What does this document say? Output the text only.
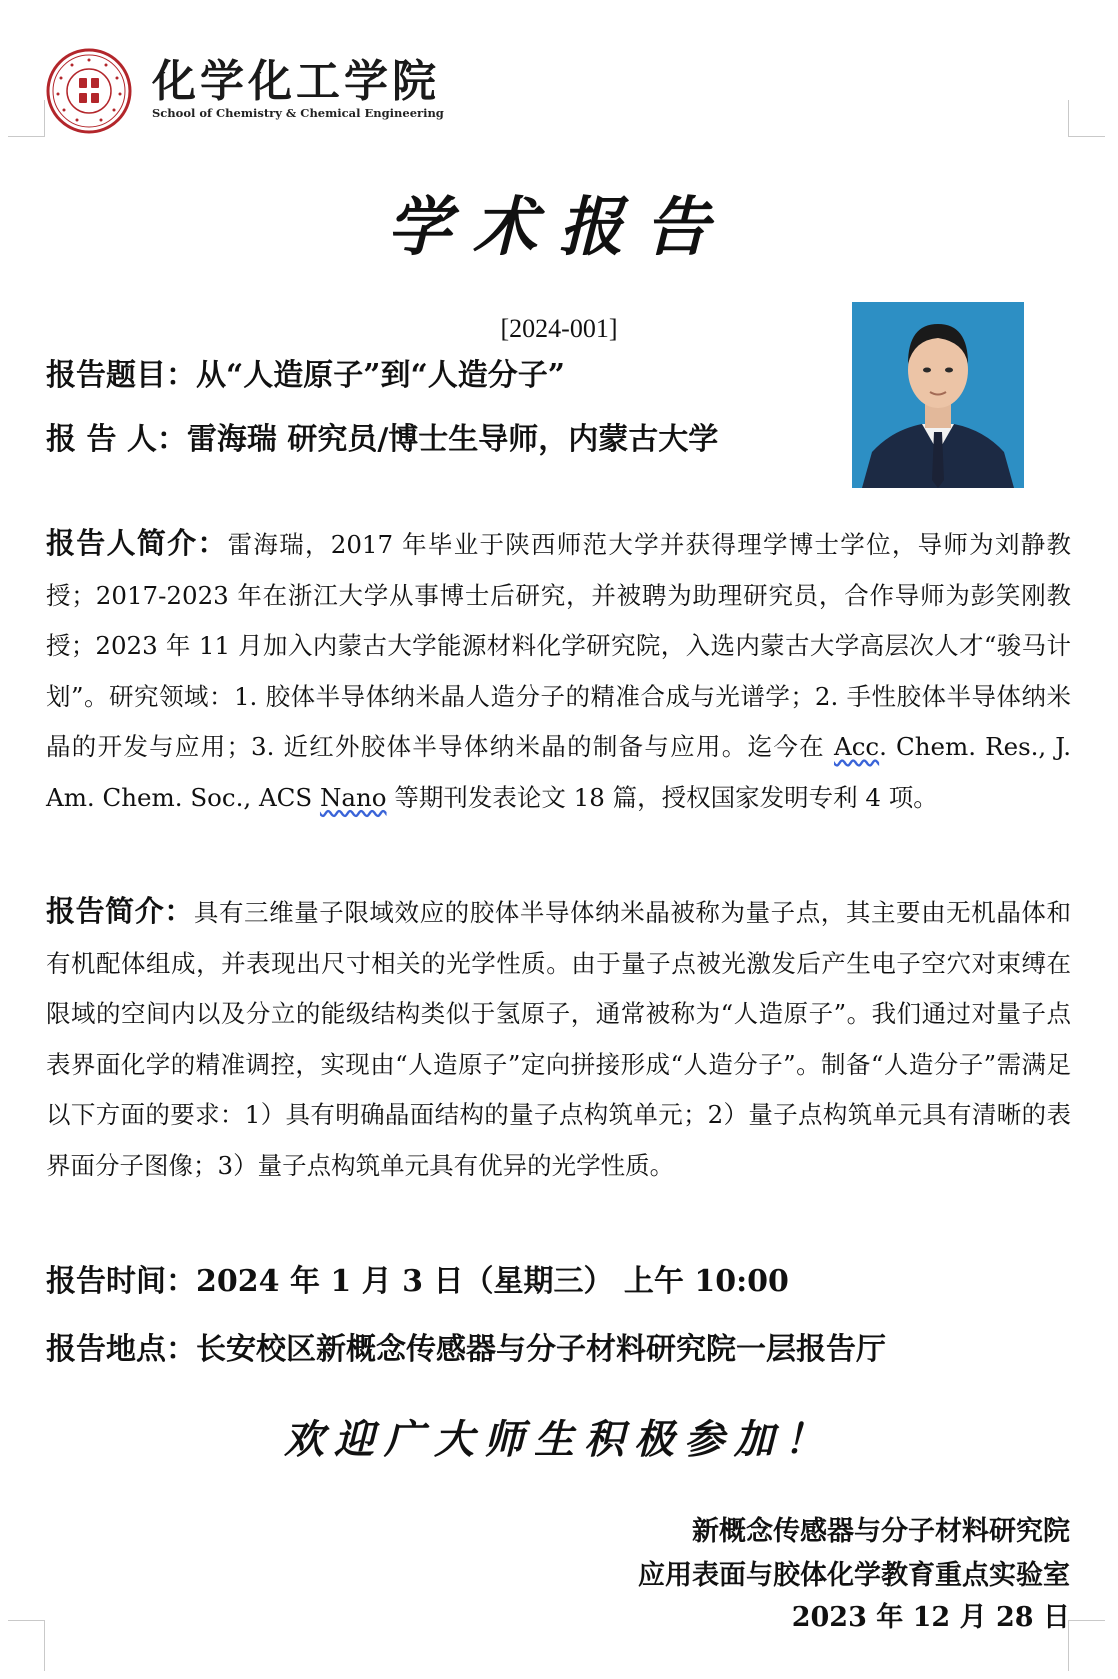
化学化工学院
School of Chemistry & Chemical Engineering
学术报告
[2024-001]
报告题目：从“人造原子”到“人造分子”
报 告 人：雷海瑞 研究员/博士生导师，内蒙古大学
报告人简介：雷海瑞，2017 年毕业于陕西师范大学并获得理学博士学位，导师为刘静教授；2017-2023 年在浙江大学从事博士后研究，并被聘为助理研究员，合作导师为彭笑刚教授；2023 年 11 月加入内蒙古大学能源材料化学研究院，入选内蒙古大学高层次人才“骏马计划”。研究领域：1. 胶体半导体纳米晶人造分子的精准合成与光谱学；2. 手性胶体半导体纳米晶的开发与应用；3. 近红外胶体半导体纳米晶的制备与应用。迄今在 Acc. Chem. Res., J. Am. Chem. Soc., ACS Nano 等期刊发表论文 18 篇，授权国家发明专利 4 项。
报告简介：具有三维量子限域效应的胶体半导体纳米晶被称为量子点，其主要由无机晶体和有机配体组成，并表现出尺寸相关的光学性质。由于量子点被光激发后产生电子空穴对束缚在限域的空间内以及分立的能级结构类似于氢原子，通常被称为“人造原子”。我们通过对量子点表界面化学的精准调控，实现由“人造原子”定向拼接形成“人造分子”。制备“人造分子”需满足以下方面的要求：1）具有明确晶面结构的量子点构筑单元；2）量子点构筑单元具有清晰的表界面分子图像；3）量子点构筑单元具有优异的光学性质。
报告时间：2024 年 1 月 3 日（星期三） 上午 10:00
报告地点：长安校区新概念传感器与分子材料研究院一层报告厅
欢迎广大师生积极参加！
新概念传感器与分子材料研究院
应用表面与胶体化学教育重点实验室
2023 年 12 月 28 日
